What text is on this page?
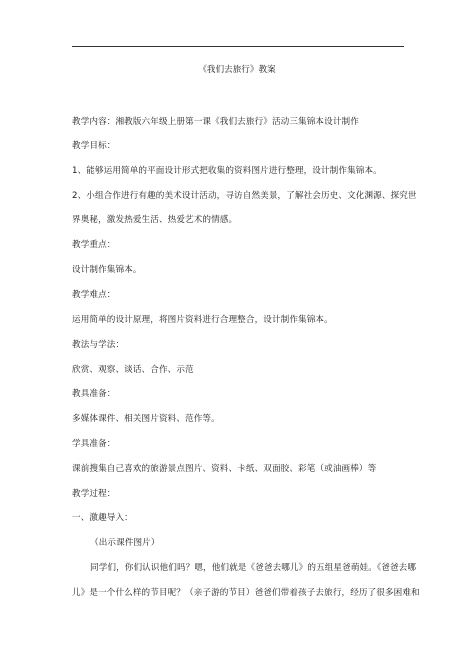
《我们去旅行》教案
教学内容：湘教版六年级上册第一课《我们去旅行》活动三集锦本设计制作
教学目标：
1、能够运用简单的平面设计形式把收集的资料图片进行整理，设计制作集锦本。
2、小组合作进行有趣的美术设计活动，寻访自然美景，了解社会历史、文化渊源、探究世
界奥秘，激发热爱生活、热爱艺术的情感。
教学重点：
设计制作集锦本。
教学难点：
运用简单的设计原理，将图片资料进行合理整合，设计制作集锦本。
教法与学法：
欣赏、观察、谈话、合作、示范
教具准备：
多媒体课件、相关图片资料、范作等。
学具准备：
课前搜集自己喜欢的旅游景点图片、资料、卡纸、双面胶、彩笔（或油画棒）等
教学过程：
一、激趣导入：
（出示课件图片）
同学们，你们认识他们吗？嗯，他们就是《爸爸去哪儿》的五组星爸萌娃。《爸爸去哪
儿》是一个什么样的节目呢？（亲子游的节目）爸爸们带着孩子去旅行，经历了很多困难和
